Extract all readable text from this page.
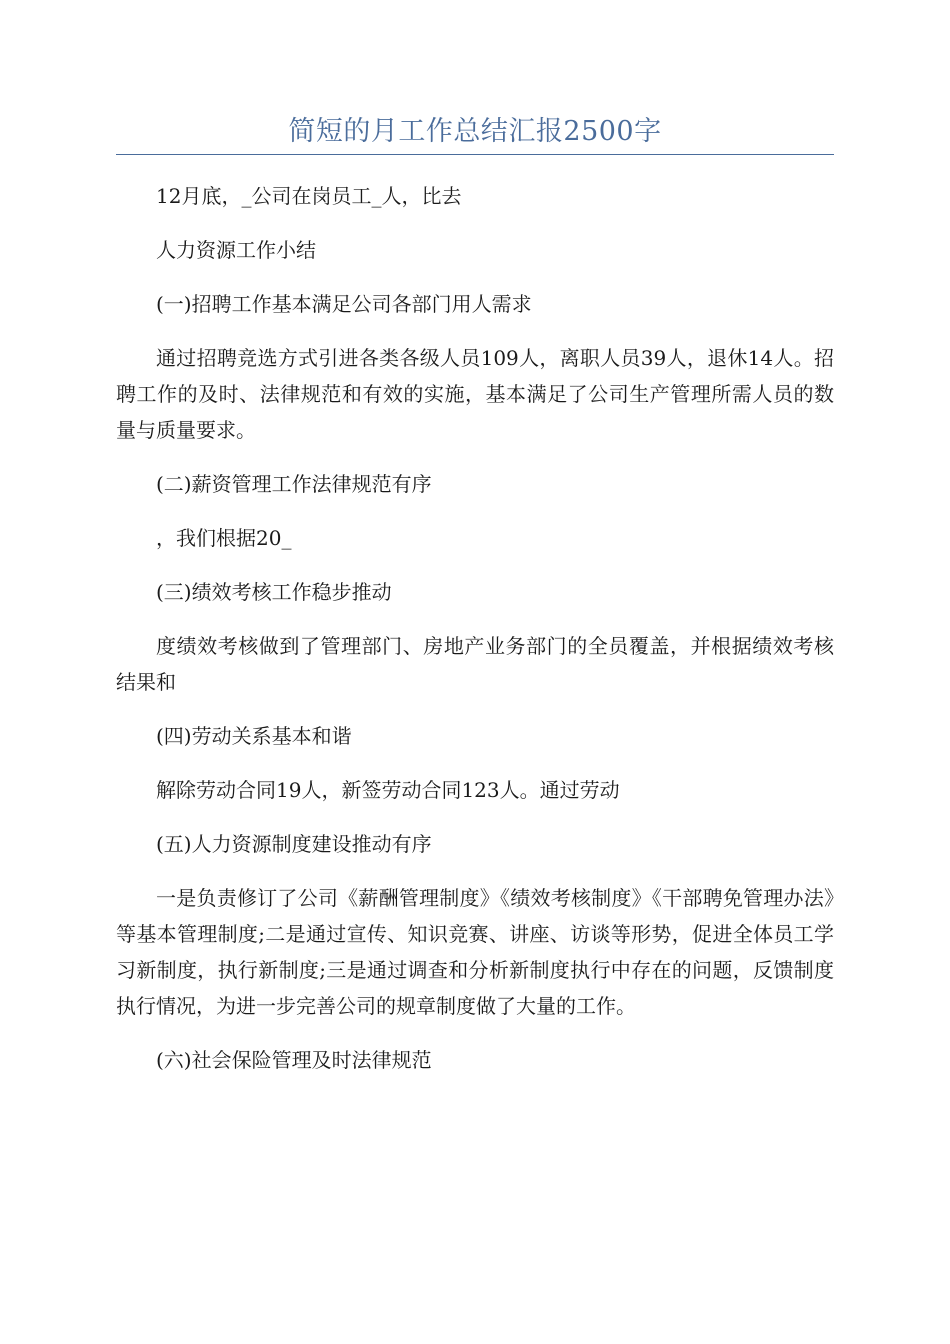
简短的月工作总结汇报2500字

12月底，_公司在岗员工_人，比去

人力资源工作小结

(一)招聘工作基本满足公司各部门用人需求

通过招聘竞选方式引进各类各级人员109人，离职人员39人，退休14人。招聘工作的及时、法律规范和有效的实施，基本满足了公司生产管理所需人员的数量与质量要求。

(二)薪资管理工作法律规范有序

，我们根据20_

(三)绩效考核工作稳步推动

度绩效考核做到了管理部门、房地产业务部门的全员覆盖，并根据绩效考核结果和

(四)劳动关系基本和谐

解除劳动合同19人，新签劳动合同123人。通过劳动

(五)人力资源制度建设推动有序

一是负责修订了公司《薪酬管理制度》《绩效考核制度》《干部聘免管理办法》等基本管理制度;二是通过宣传、知识竞赛、讲座、访谈等形势，促进全体员工学习新制度，执行新制度;三是通过调查和分析新制度执行中存在的问题，反馈制度执行情况，为进一步完善公司的规章制度做了大量的工作。

(六)社会保险管理及时法律规范
